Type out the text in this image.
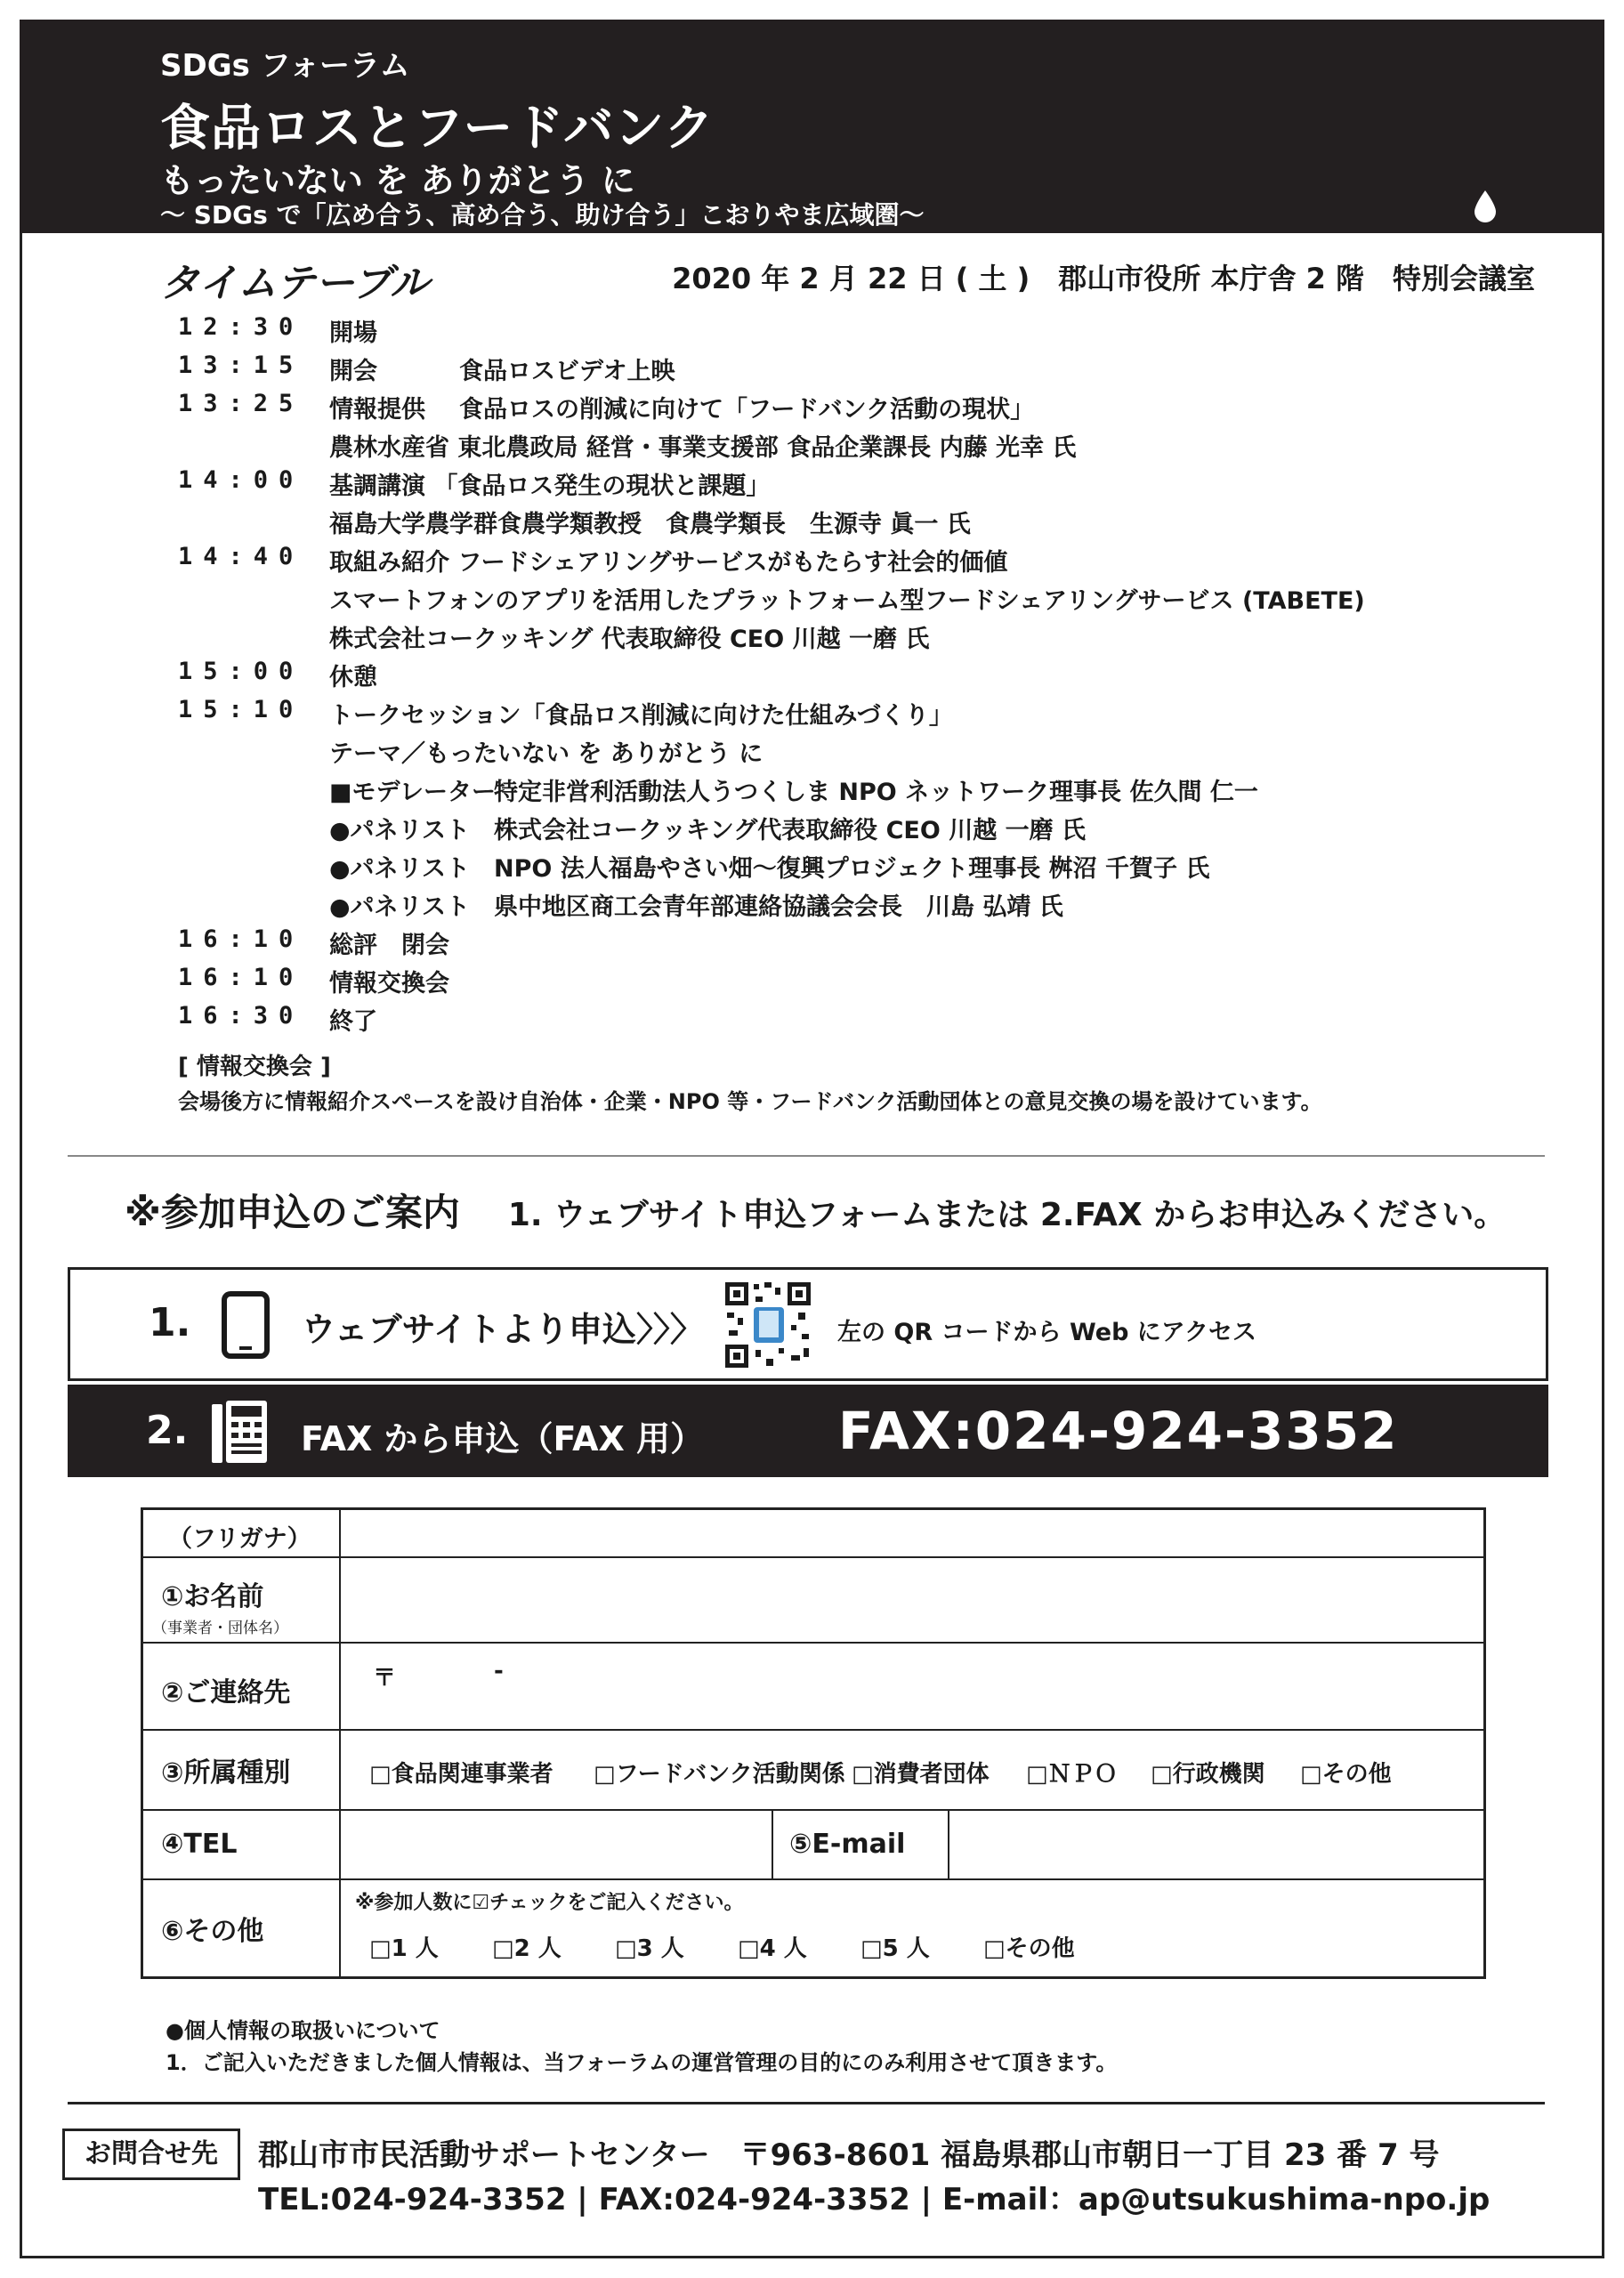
SDGs フォーラム
食品ロスとフードバンク
もったいない を ありがとう に
〜 SDGs で「広め合う、高め合う、助け合う」こおりやま広域圏〜
タイムテーブル	2020 年 2 月 22 日 ( 土 )　郡山市役所 本庁舎 2 階　特別会議室
12:30	開場
13:15	開会	食品ロスビデオ上映
13:25	情報提供 食品ロスの削減に向けて「フードバンク活動の現状」
農林水産省 東北農政局 経営・事業支援部 食品企業課長 内藤 光幸 氏
14:00	基調講演 「食品ロス発生の現状と課題」
福島大学農学群食農学類教授　食農学類長　生源寺 眞一 氏
14:40	取組み紹介 フードシェアリングサービスがもたらす社会的価値
スマートフォンのアプリを活用したプラットフォーム型フードシェアリングサービス (TABETE)
株式会社コークッキング 代表取締役 CEO 川越 一磨 氏
15:00	休憩
15:10	トークセッション「食品ロス削減に向けた仕組みづくり」
テーマ／もったいない を ありがとう に
■モデレーター
特定非営利活動法人うつくしま NPO ネットワーク理事長 佐久間 仁一
●パネリスト 株式会社コークッキング代表取締役 CEO 川越 一磨 氏
●パネリスト NPO 法人福島やさい畑〜復興プロジェクト理事長 桝沼 千賀子 氏
●パネリスト 県中地区商工会青年部連絡協議会会長　川島 弘靖 氏
16:10	総評　閉会
16:10	情報交換会
16:30	終了
[ 情報交換会 ]
会場後方に情報紹介スペースを設け自治体・企業・NPO 等・フードバンク活動団体との意見交換の場を設けています。
※参加申込のご案内 1. ウェブサイト申込フォームまたは 2.FAX からお申込みください。
1.	ウェブサイトより申込〉〉〉	左の QR コードから Web にアクセス
2.	FAX から申込（FAX 用）	FAX:024-924-3352
（フリガナ）
①お名前
（事業者・団体名）
②ご連絡先	〒	-
③所属種別	□食品関連事業者 □フードバンク活動関係 □消費者団体 □ＮＰＯ □行政機関 □その他
④TEL	⑤E-mail
⑥その他
※参加人数に☑チェックをご記入ください。
□1 人 □2 人 □3 人 □4 人 □5 人 □その他
●個人情報の取扱いについて
1．ご記入いただきました個人情報は、当フォーラムの運営管理の目的にのみ利用させて頂きます。
お問合せ先	郡山市市民活動サポートセンター　〒963-8601 福島県郡山市朝日一丁目 23 番 7 号
TEL:024-924-3352 | FAX:024-924-3352 | E-mail：ap@utsukushima-npo.jp
